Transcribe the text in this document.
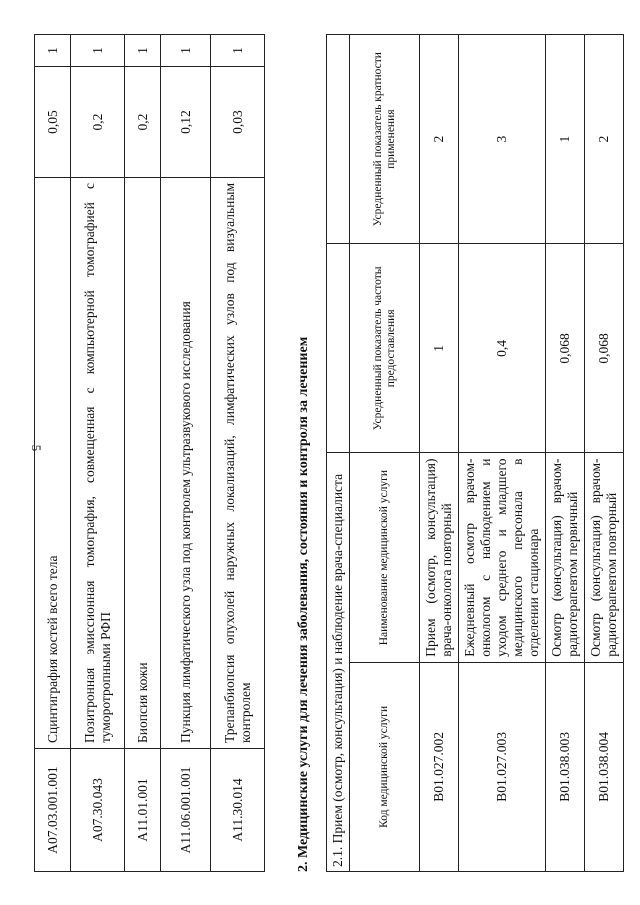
5
A07.03.001.001	Сцинтиграфия костей всего тела	0,05	1
A07.30.043	Позитронная эмиссионная томография, совмещенная с компьютерной томографией с туморотропными РФП	0,2	1
A11.01.001	Биопсия кожи	0,2	1
A11.06.001.001	Пункция лимфатического узла под контролем ультразвукового исследования	0,12	1
A11.30.014	Трепанбиопсия опухолей наружных локализаций, лимфатических узлов под визуальным контролем	0,03	1
2. Медицинские услуги для лечения заболевания, состояния и контроля за лечением 2.1. Прием (осмотр, консультация) и наблюдение врача-специалиста			
Код медицинской услуги	Наименование медицинской услуги	Усредненный показатель частоты предоставления	Усредненный показатель кратности применения
B01.027.002	Прием (осмотр, консультация) врача-онколога повторный	1	2
B01.027.003	Ежедневный осмотр врачом-онкологом с наблюдением и уходом среднего и младшего медицинского персонала в отделении стационара	0,4	3
B01.038.003	Осмотр (консультация) врачом-радиотерапевтом первичный	0,068	1
B01.038.004	Осмотр (консультация) врачом-радиотерапевтом повторный	0,068	2
